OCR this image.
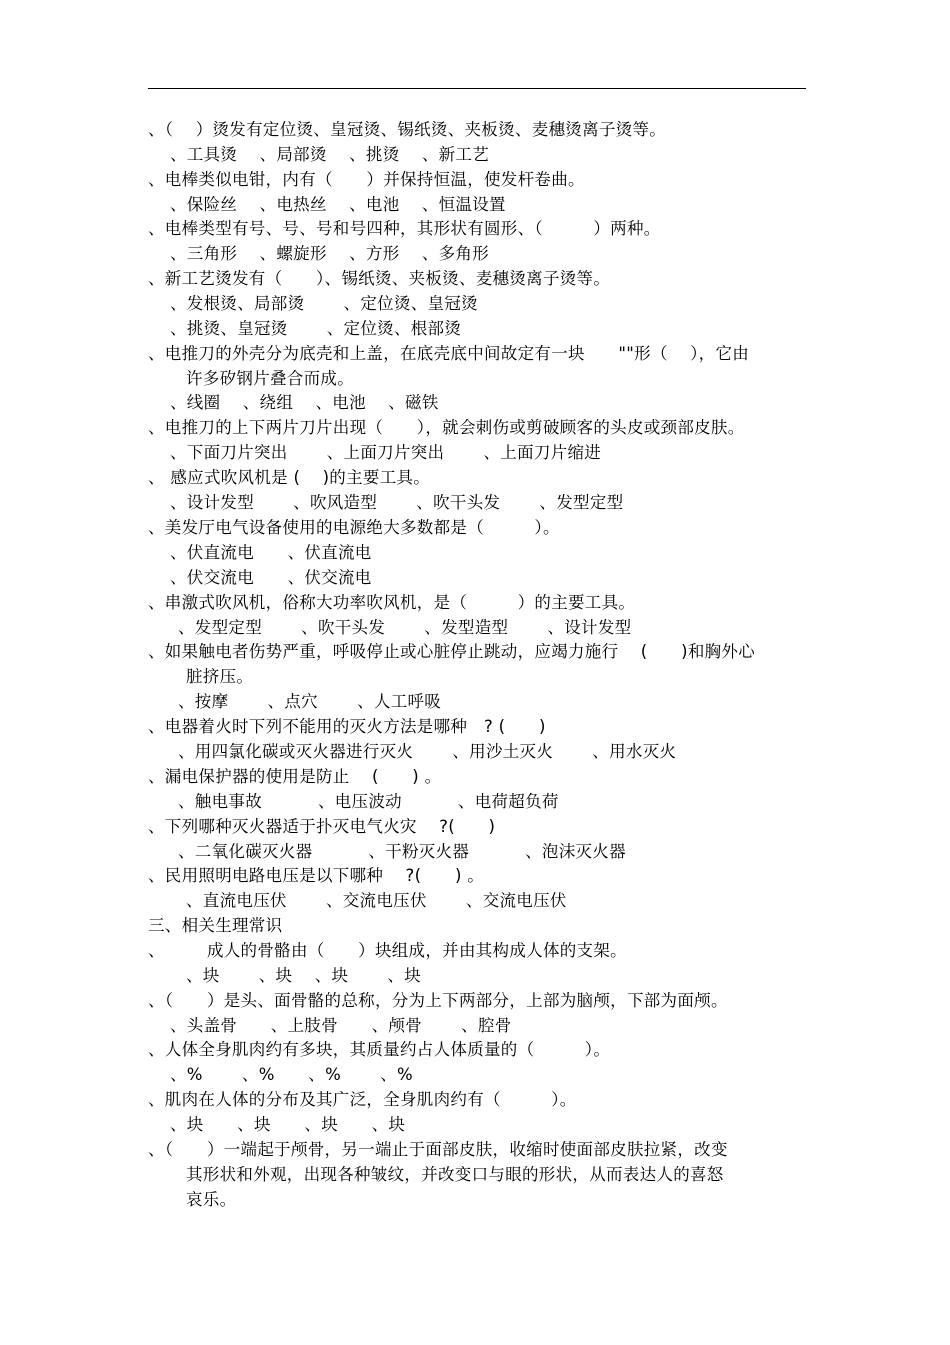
、（　 ）烫发有定位烫、皇冠烫、锡纸烫、夹板烫、麦穗烫离子烫等。
、工具烫　 、局部烫　 、挑烫　 、新工艺
、电棒类似电钳，内有（　　）并保持恒温，使发杆卷曲。
、保险丝　 、电热丝　 、电池　 、恒温设置
、电棒类型有号、号、号和号四种，其形状有圆形、（　　　）两种。
、三角形　 、螺旋形　 、方形　 、多角形
、新工艺烫发有（　　）、锡纸烫、夹板烫、麦穗烫离子烫等。
、发根烫、局部烫　　 、定位烫、皇冠烫
、挑烫、皇冠烫　　 、定位烫、根部烫
、电推刀的外壳分为底壳和上盖，在底壳底中间故定有一块　　""形（　 ），它由
许多矽钢片叠合而成。
、线圈　 、绕组　 、电池　 、磁铁
、电推刀的上下两片刀片出现（　　），就会刺伤或剪破顾客的头皮或颈部皮肤。
、下面刀片突出　　 、上面刀片突出　　 、上面刀片缩进
、 感应式吹风机是 ( 　)的主要工具。
、设计发型　　 、吹风造型　　 、吹干头发　　 、发型定型
、美发厅电气设备使用的电源绝大多数都是（　　　）。
、伏直流电　　、伏直流电
、伏交流电　　、伏交流电
、串激式吹风机，俗称大功率吹风机，是（　　　）的主要工具。
、发型定型　　 、吹干头发　　 、发型造型　　 、设计发型
、如果触电者伤势严重，呼吸停止或心脏停止跳动，应竭力施行　 (　　)和胸外心
脏挤压。
、按摩　　 、点穴　　 、人工呼吸
、电器着火时下列不能用的灭火方法是哪种　? (　　)
、用四氯化碳或灭火器进行灭火　　 、用沙土灭火　　 、用水灭火
、漏电保护器的使用是防止　 (　　) 。
、触电事故　　　 、电压波动　　　 、电荷超负荷
、下列哪种灭火器适于扑灭电气火灾　 ?(　　)
、二氧化碳灭火器　　　 、干粉灭火器　　　 、泡沫灭火器
、民用照明电路电压是以下哪种　 ?(　　) 。
、直流电压伏　　 、交流电压伏　　 、交流电压伏
三、相关生理常识
、　　　成人的骨骼由（　　）块组成，并由其构成人体的支架。
、块　　 、块　 、块　　 、块
、（　　）是头、面骨骼的总称，分为上下两部分，上部为脑颅，下部为面颅。
、头盖骨　　、上肢骨　　、颅骨　　 、腔骨
、人体全身肌肉约有多块，其质量约占人体质量的（　　　）。
、%　　 、%　　、%　　 、%
、肌肉在人体的分布及其广泛，全身肌肉约有（　　　）。
、块　　、块　　、块　　、块
、（　　）一端起于颅骨，另一端止于面部皮肤，收缩时使面部皮肤拉紧，改变
其形状和外观，出现各种皱纹，并改变口与眼的形状，从而表达人的喜怒
哀乐。
